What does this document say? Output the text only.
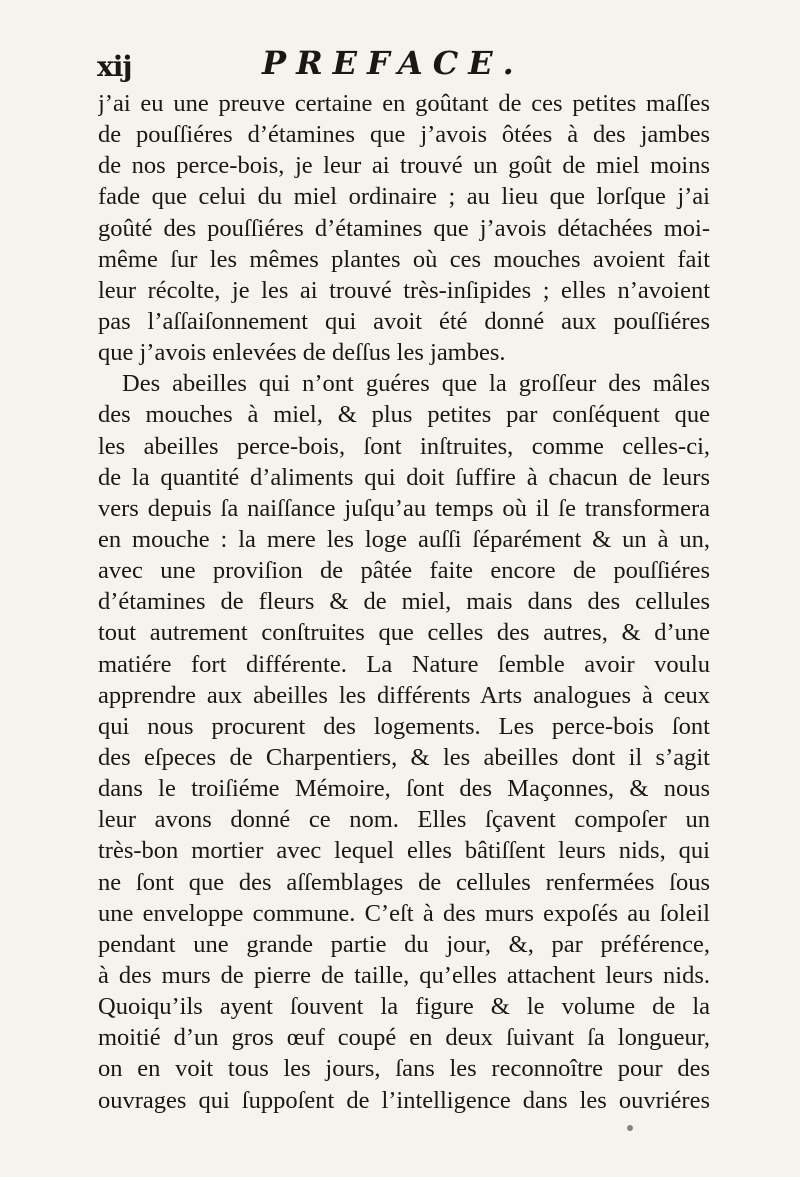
xij	PREFACE.
j’ai eu une preuve certaine en goûtant de ces petites maſſes
de pouſſiéres d’étamines que j’avois ôtées à des jambes
de nos perce-bois, je leur ai trouvé un goût de miel moins
fade que celui du miel ordinaire ; au lieu que lorſque j’ai
goûté des pouſſiéres d’étamines que j’avois détachées moi-
même ſur les mêmes plantes où ces mouches avoient fait
leur récolte, je les ai trouvé très-inſipides ; elles n’avoient
pas l’aſſaiſonnement qui avoit été donné aux pouſſiéres
que j’avois enlevées de deſſus les jambes.
Des abeilles qui n’ont guéres que la groſſeur des mâles
des mouches à miel, & plus petites par conſéquent que
les abeilles perce-bois, ſont inſtruites, comme celles-ci,
de la quantité d’aliments qui doit ſuffire à chacun de leurs
vers depuis ſa naiſſance juſqu’au temps où il ſe transformera
en mouche : la mere les loge auſſi ſéparément & un à un,
avec une proviſion de pâtée faite encore de pouſſiéres
d’étamines de fleurs & de miel, mais dans des cellules
tout autrement conſtruites que celles des autres, & d’une
matiére fort différente. La Nature ſemble avoir voulu
apprendre aux abeilles les différents Arts analogues à ceux
qui nous procurent des logements. Les perce-bois ſont
des eſpeces de Charpentiers, & les abeilles dont il s’agit
dans le troiſiéme Mémoire, ſont des Maçonnes, & nous
leur avons donné ce nom. Elles ſçavent compoſer un
très-bon mortier avec lequel elles bâtiſſent leurs nids, qui
ne ſont que des aſſemblages de cellules renfermées ſous
une enveloppe commune. C’eſt à des murs expoſés au ſoleil
pendant une grande partie du jour, &, par préférence,
à des murs de pierre de taille, qu’elles attachent leurs nids.
Quoiqu’ils ayent ſouvent la figure & le volume de la
moitié d’un gros œuf coupé en deux ſuivant ſa longueur,
on en voit tous les jours, ſans les reconnoître pour des
ouvrages qui ſuppoſent de l’intelligence dans les ouvriéres
